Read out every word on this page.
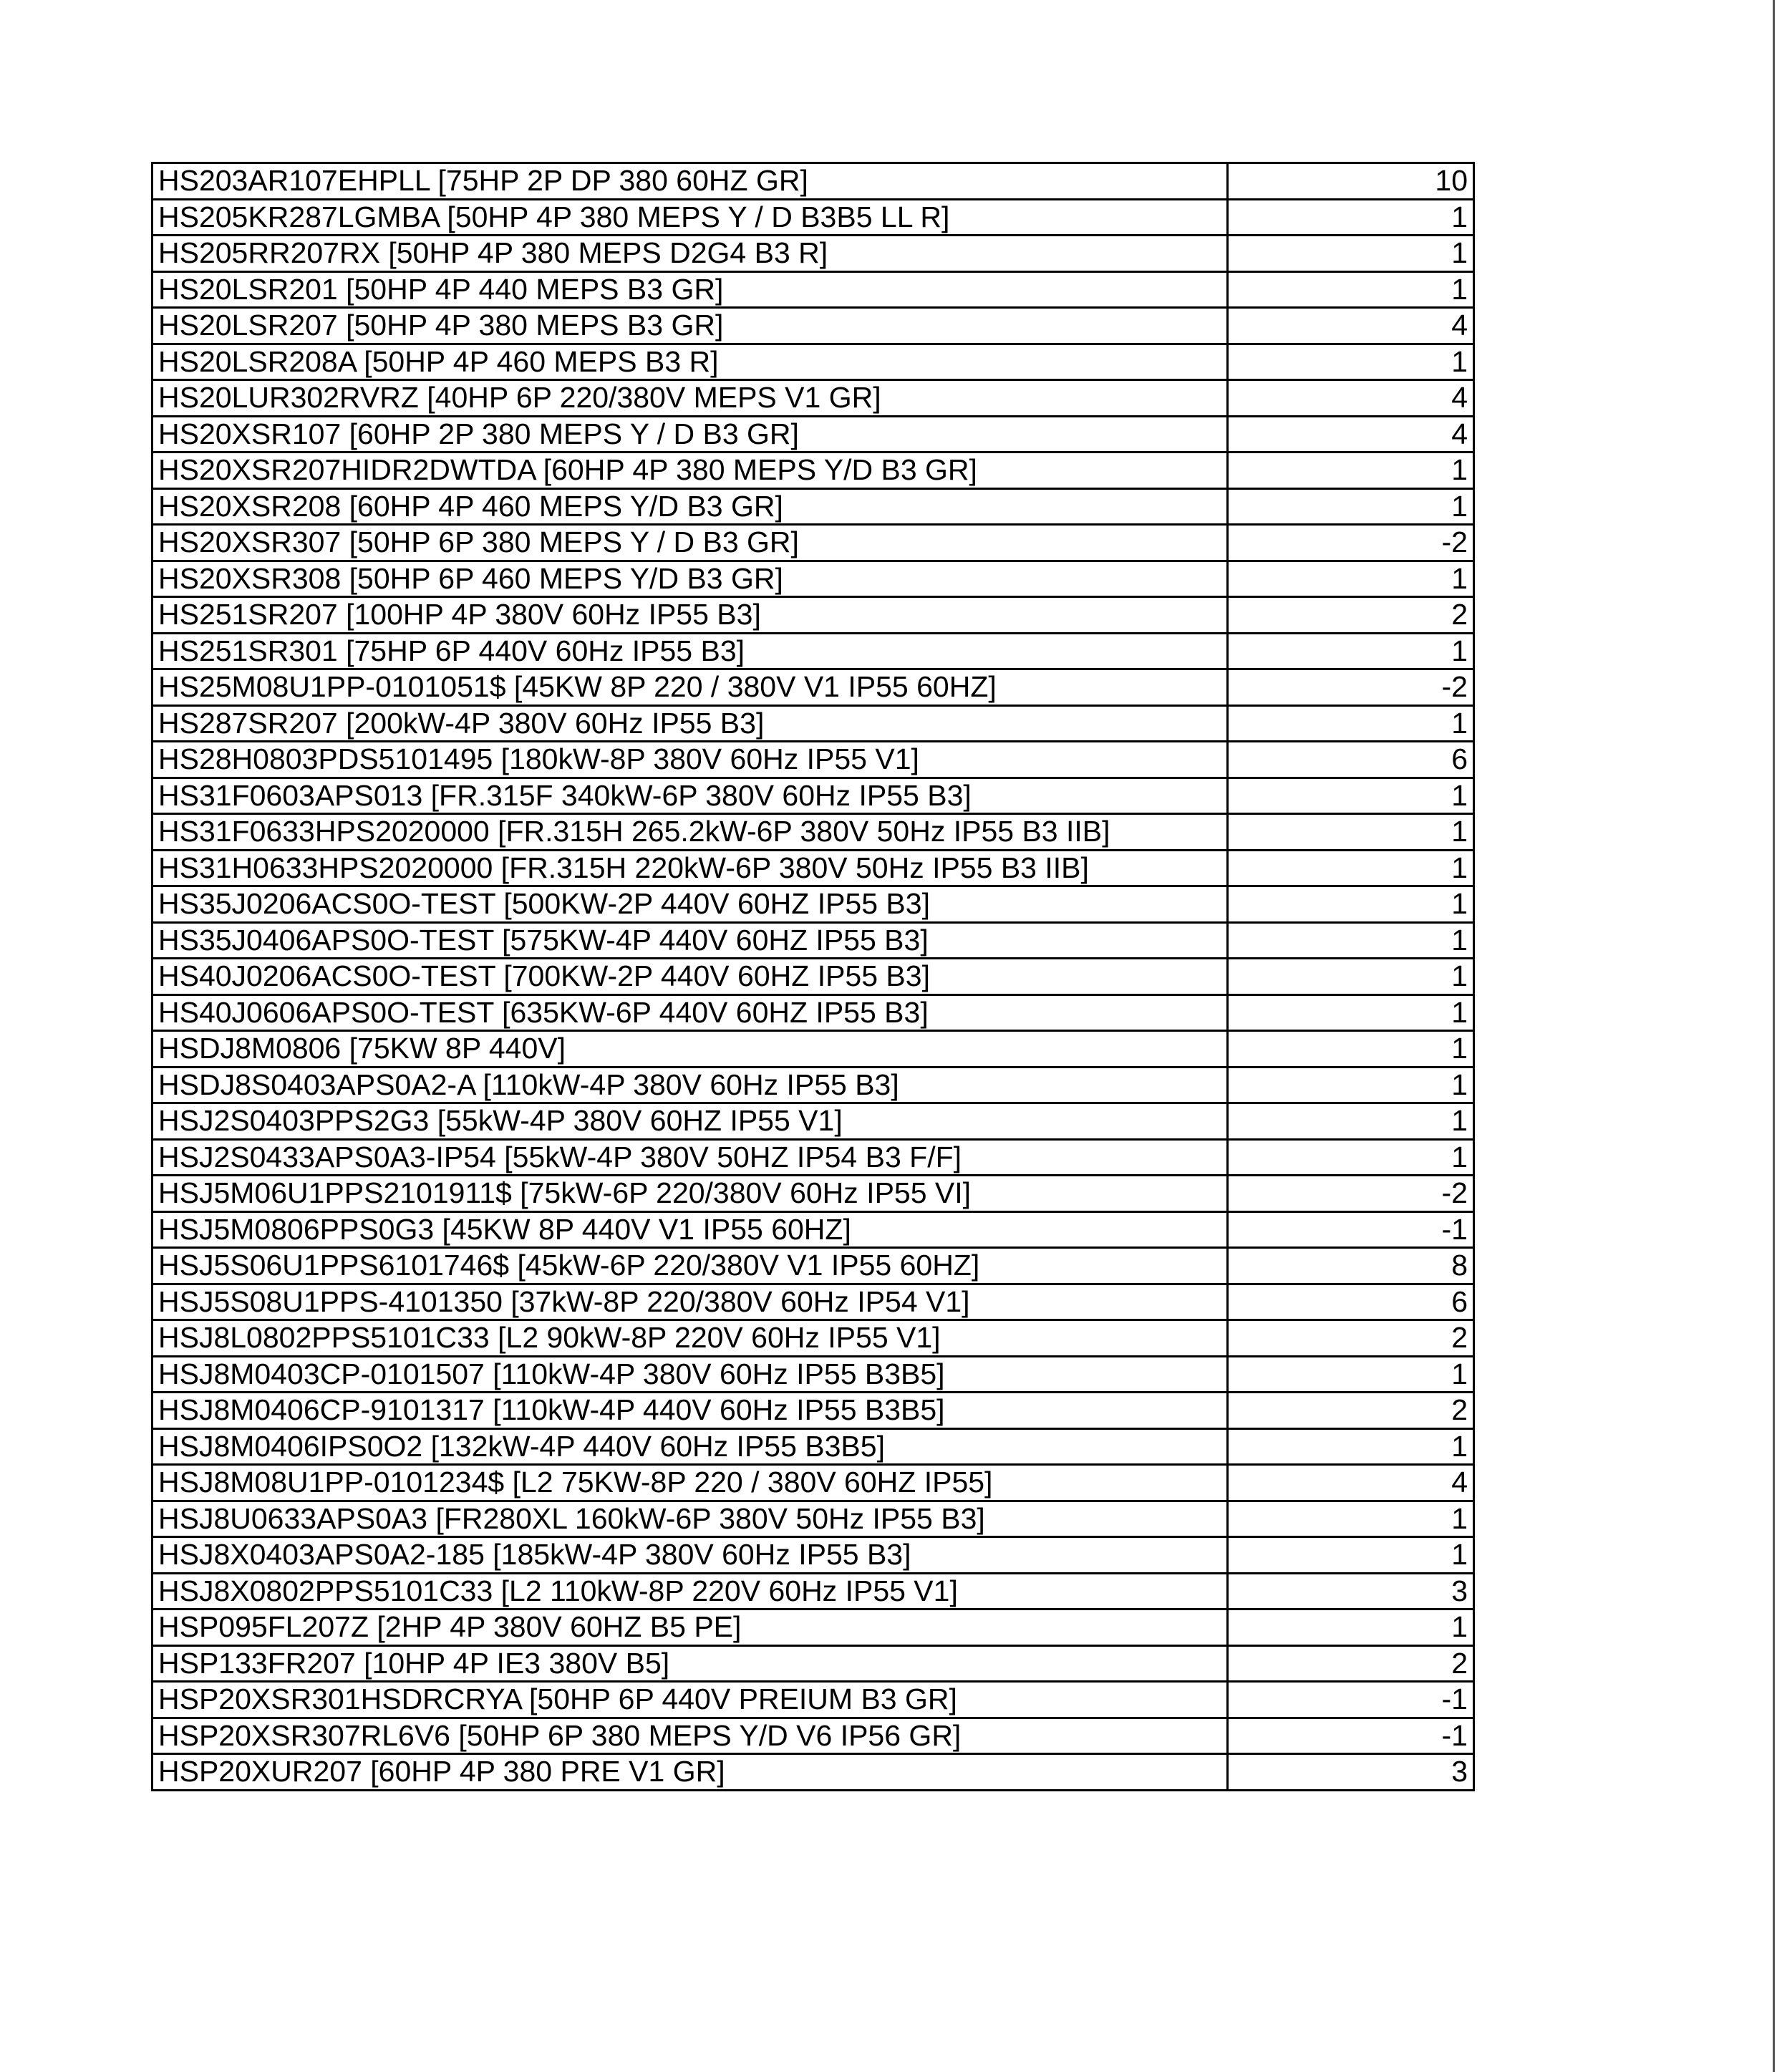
HS203AR107EHPLL [75HP 2P DP 380 60HZ GR]	10
HS205KR287LGMBA [50HP 4P 380 MEPS Y / D B3B5 LL R]	1
HS205RR207RX [50HP 4P 380 MEPS D2G4 B3 R]	1
HS20LSR201 [50HP 4P 440 MEPS B3 GR]	1
HS20LSR207 [50HP 4P 380 MEPS B3 GR]	4
HS20LSR208A [50HP 4P 460 MEPS B3 R]	1
HS20LUR302RVRZ [40HP 6P 220/380V MEPS V1 GR]	4
HS20XSR107 [60HP 2P 380 MEPS Y / D B3 GR]	4
HS20XSR207HIDR2DWTDA [60HP 4P 380 MEPS Y/D B3 GR]	1
HS20XSR208 [60HP 4P 460 MEPS Y/D B3 GR]	1
HS20XSR307 [50HP 6P 380 MEPS Y / D B3 GR]	-2
HS20XSR308 [50HP 6P 460 MEPS Y/D B3 GR]	1
HS251SR207 [100HP 4P 380V 60Hz IP55 B3]	2
HS251SR301 [75HP 6P 440V 60Hz IP55 B3]	1
HS25M08U1PP-0101051$ [45KW 8P 220 / 380V V1 IP55 60HZ]	-2
HS287SR207 [200kW-4P 380V 60Hz IP55 B3]	1
HS28H0803PDS5101495 [180kW-8P 380V 60Hz IP55 V1]	6
HS31F0603APS013 [FR.315F 340kW-6P 380V 60Hz IP55 B3]	1
HS31F0633HPS2020000 [FR.315H 265.2kW-6P 380V 50Hz IP55 B3 IIB]	1
HS31H0633HPS2020000 [FR.315H 220kW-6P 380V 50Hz IP55 B3 IIB]	1
HS35J0206ACS0O-TEST [500KW-2P 440V 60HZ IP55 B3]	1
HS35J0406APS0O-TEST [575KW-4P 440V 60HZ IP55 B3]	1
HS40J0206ACS0O-TEST [700KW-2P 440V 60HZ IP55 B3]	1
HS40J0606APS0O-TEST [635KW-6P 440V 60HZ IP55 B3]	1
HSDJ8M0806 [75KW 8P 440V]	1
HSDJ8S0403APS0A2-A [110kW-4P 380V 60Hz IP55 B3]	1
HSJ2S0403PPS2G3 [55kW-4P 380V 60HZ IP55 V1]	1
HSJ2S0433APS0A3-IP54 [55kW-4P 380V 50HZ IP54 B3 F/F]	1
HSJ5M06U1PPS2101911$ [75kW-6P 220/380V 60Hz IP55 VI]	-2
HSJ5M0806PPS0G3 [45KW 8P 440V V1 IP55 60HZ]	-1
HSJ5S06U1PPS6101746$ [45kW-6P 220/380V V1 IP55 60HZ]	8
HSJ5S08U1PPS-4101350 [37kW-8P 220/380V 60Hz IP54 V1]	6
HSJ8L0802PPS5101C33 [L2 90kW-8P 220V 60Hz IP55 V1]	2
HSJ8M0403CP-0101507 [110kW-4P 380V 60Hz IP55 B3B5]	1
HSJ8M0406CP-9101317 [110kW-4P 440V 60Hz IP55 B3B5]	2
HSJ8M0406IPS0O2 [132kW-4P 440V 60Hz IP55 B3B5]	1
HSJ8M08U1PP-0101234$ [L2 75KW-8P 220 / 380V 60HZ IP55]	4
HSJ8U0633APS0A3 [FR280XL 160kW-6P 380V 50Hz IP55 B3]	1
HSJ8X0403APS0A2-185 [185kW-4P 380V 60Hz IP55 B3]	1
HSJ8X0802PPS5101C33 [L2 110kW-8P 220V 60Hz IP55 V1]	3
HSP095FL207Z [2HP 4P 380V 60HZ B5 PE]	1
HSP133FR207 [10HP 4P IE3 380V B5]	2
HSP20XSR301HSDRCRYA [50HP 6P 440V PREIUM B3 GR]	-1
HSP20XSR307RL6V6 [50HP 6P 380 MEPS Y/D V6 IP56 GR]	-1
HSP20XUR207 [60HP 4P 380 PRE V1 GR]	3
